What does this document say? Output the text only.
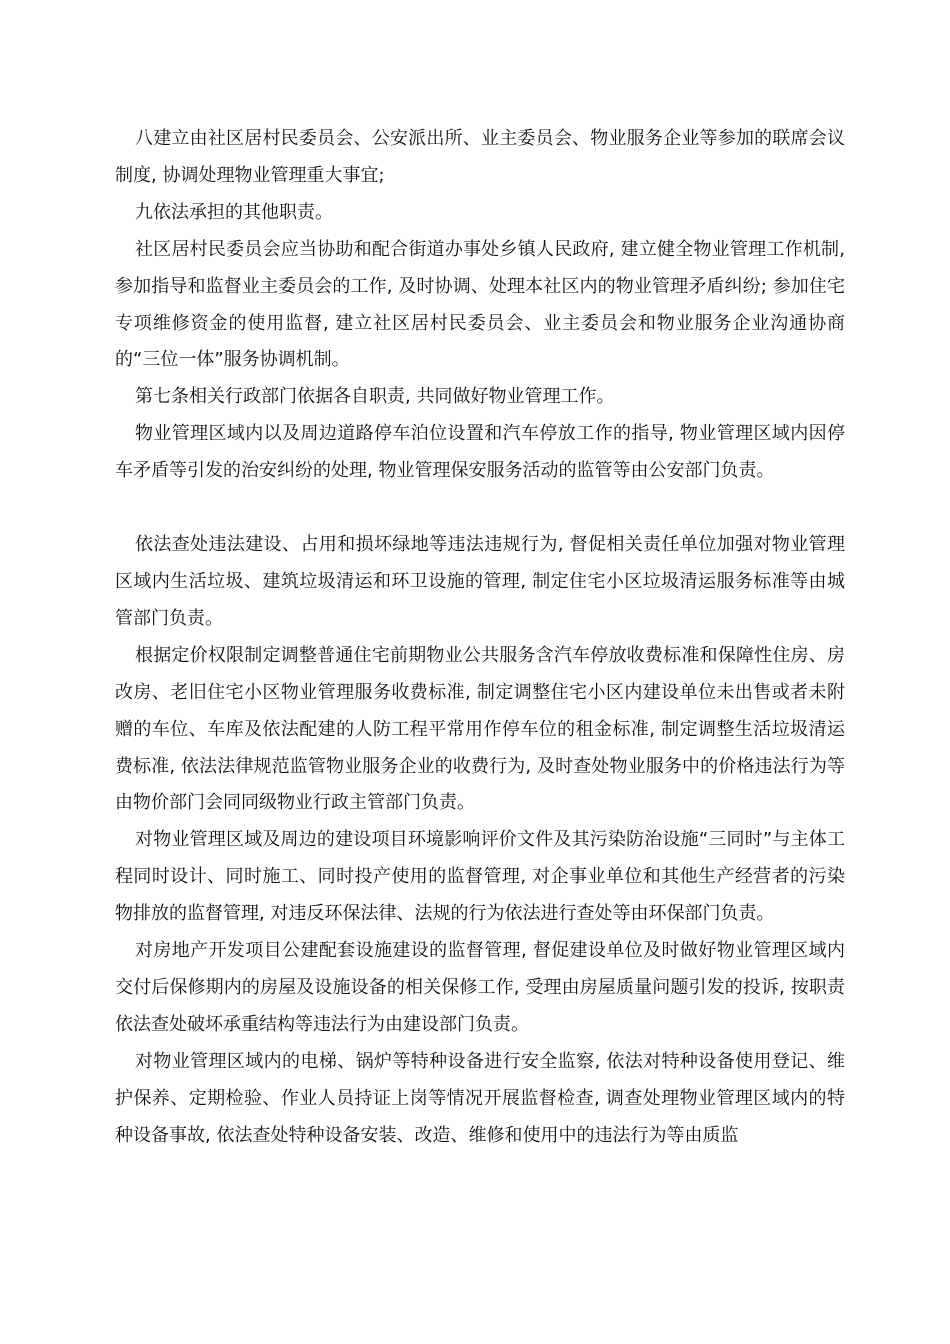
八建立由社区居村民委员会、公安派出所、业主委员会、物业服务企业等参加的联席会议制度, 协调处理物业管理重大事宜;

九依法承担的其他职责。

社区居村民委员会应当协助和配合街道办事处乡镇人民政府, 建立健全物业管理工作机制, 参加指导和监督业主委员会的工作, 及时协调、处理本社区内的物业管理矛盾纠纷; 参加住宅专项维修资金的使用监督, 建立社区居村民委员会、业主委员会和物业服务企业沟通协商的“三位一体”服务协调机制。

第七条相关行政部门依据各自职责, 共同做好物业管理工作。

物业管理区域内以及周边道路停车泊位设置和汽车停放工作的指导, 物业管理区域内因停车矛盾等引发的治安纠纷的处理, 物业管理保安服务活动的监管等由公安部门负责。

依法查处违法建设、占用和损坏绿地等违法违规行为, 督促相关责任单位加强对物业管理区域内生活垃圾、建筑垃圾清运和环卫设施的管理, 制定住宅小区垃圾清运服务标准等由城管部门负责。

根据定价权限制定调整普通住宅前期物业公共服务含汽车停放收费标准和保障性住房、房改房、老旧住宅小区物业管理服务收费标准, 制定调整住宅小区内建设单位未出售或者未附赠的车位、车库及依法配建的人防工程平常用作停车位的租金标准, 制定调整生活垃圾清运费标准, 依法法律规范监管物业服务企业的收费行为, 及时查处物业服务中的价格违法行为等由物价部门会同同级物业行政主管部门负责。

对物业管理区域及周边的建设项目环境影响评价文件及其污染防治设施“三同时”与主体工程同时设计、同时施工、同时投产使用的监督管理, 对企事业单位和其他生产经营者的污染物排放的监督管理, 对违反环保法律、法规的行为依法进行查处等由环保部门负责。

对房地产开发项目公建配套设施建设的监督管理, 督促建设单位及时做好物业管理区域内交付后保修期内的房屋及设施设备的相关保修工作, 受理由房屋质量问题引发的投诉, 按职责依法查处破坏承重结构等违法行为由建设部门负责。

对物业管理区域内的电梯、锅炉等特种设备进行安全监察, 依法对特种设备使用登记、维护保养、定期检验、作业人员持证上岗等情况开展监督检查, 调查处理物业管理区域内的特种设备事故, 依法查处特种设备安装、改造、维修和使用中的违法行为等由质监
